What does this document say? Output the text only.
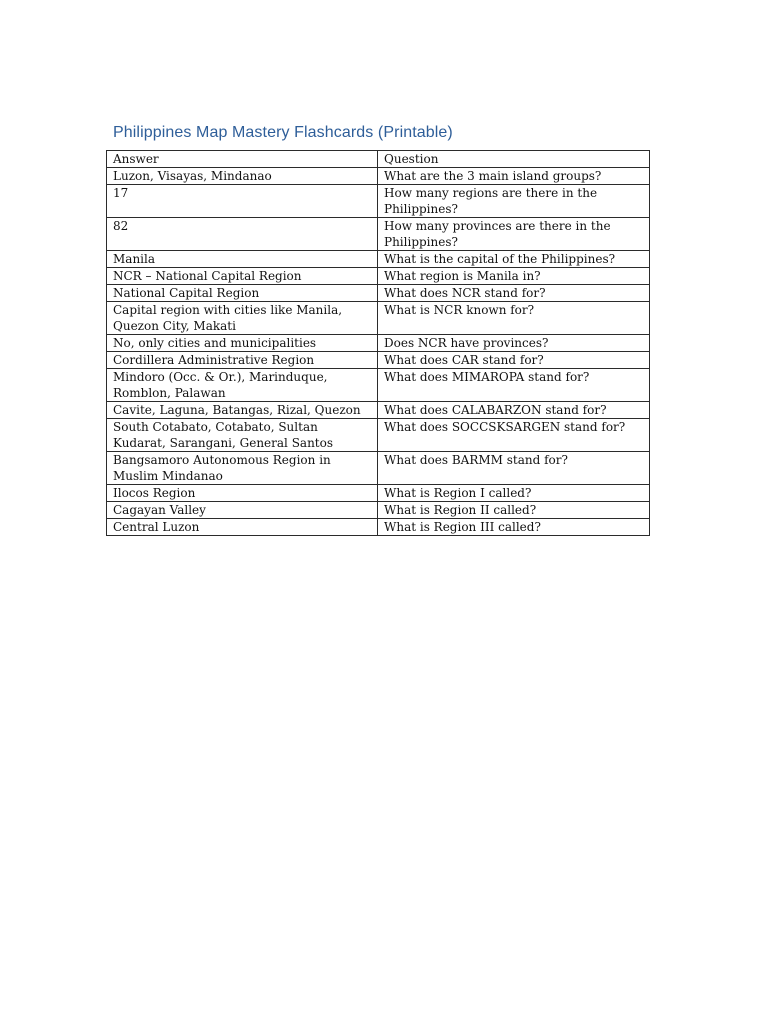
Philippines Map Mastery Flashcards (Printable)
Answer	Question
Luzon, Visayas, Mindanao	What are the 3 main island groups?
17	How many regions are there in the Philippines?
82	How many provinces are there in the Philippines?
Manila	What is the capital of the Philippines?
NCR – National Capital Region	What region is Manila in?
National Capital Region	What does NCR stand for?
Capital region with cities like Manila, Quezon City, Makati	What is NCR known for?
No, only cities and municipalities	Does NCR have provinces?
Cordillera Administrative Region	What does CAR stand for?
Mindoro (Occ. & Or.), Marinduque, Romblon, Palawan	What does MIMAROPA stand for?
Cavite, Laguna, Batangas, Rizal, Quezon	What does CALABARZON stand for?
South Cotabato, Cotabato, Sultan Kudarat, Sarangani, General Santos	What does SOCCSKSARGEN stand for?
Bangsamoro Autonomous Region in Muslim Mindanao	What does BARMM stand for?
Ilocos Region	What is Region I called?
Cagayan Valley	What is Region II called?
Central Luzon	What is Region III called?
